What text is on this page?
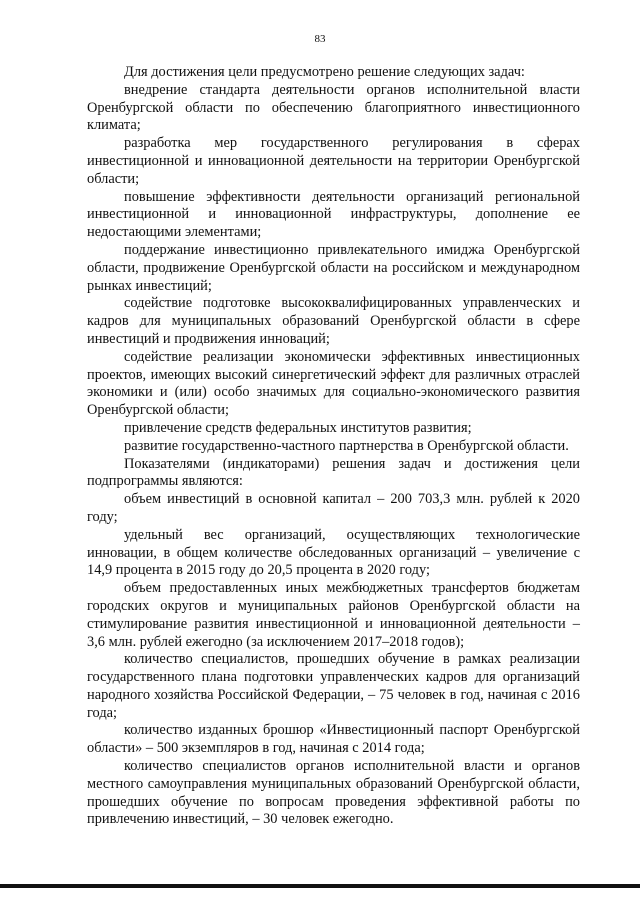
83

Для достижения цели предусмотрено решение следующих задач:

внедрение стандарта деятельности органов исполнительной власти Оренбургской области по обеспечению благоприятного инвестиционного климата;

разработка мер государственного регулирования в сферах инвестиционной и инновационной деятельности на территории Оренбургской области;

повышение эффективности деятельности организаций региональной инвестиционной и инновационной инфраструктуры, дополнение ее недостающими элементами;

поддержание инвестиционно привлекательного имиджа Оренбургской области, продвижение Оренбургской области на российском и международном рынках инвестиций;

содействие подготовке высококвалифицированных управленческих и кадров для муниципальных образований Оренбургской области в сфере инвестиций и продвижения инноваций;

содействие реализации экономически эффективных инвестиционных проектов, имеющих высокий синергетический эффект для различных отраслей экономики и (или) особо значимых для социально-экономического развития Оренбургской области;

привлечение средств федеральных институтов развития;

развитие государственно-частного партнерства в Оренбургской области.

Показателями (индикаторами) решения задач и достижения цели подпрограммы являются:

объем инвестиций в основной капитал – 200 703,3 млн. рублей к 2020 году;

удельный вес организаций, осуществляющих технологические инновации, в общем количестве обследованных организаций – увеличение с 14,9 процента в 2015 году до 20,5 процента в 2020 году;

объем предоставленных иных межбюджетных трансфертов бюджетам городских округов и муниципальных районов Оренбургской области на стимулирование развития инвестиционной и инновационной деятельности – 3,6 млн. рублей ежегодно (за исключением 2017–2018 годов);

количество специалистов, прошедших обучение в рамках реализации государственного плана подготовки управленческих кадров для организаций народного хозяйства Российской Федерации, – 75 человек в год, начиная с 2016 года;

количество изданных брошюр «Инвестиционный паспорт Оренбургской области» – 500 экземпляров в год, начиная с 2014 года;

количество специалистов органов исполнительной власти и органов местного самоуправления муниципальных образований Оренбургской области, прошедших обучение по вопросам проведения эффективной работы по привлечению инвестиций, – 30 человек ежегодно.
